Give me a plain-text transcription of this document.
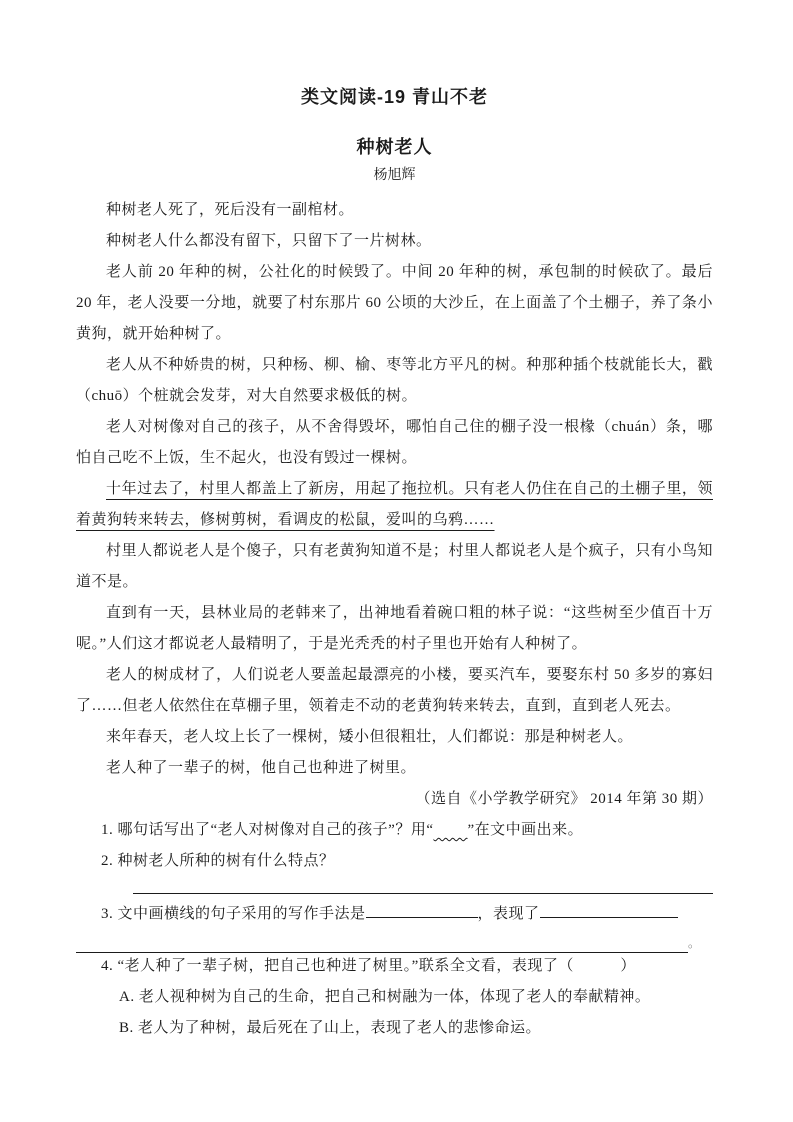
类文阅读-19 青山不老
种树老人
杨旭辉

种树老人死了，死后没有一副棺材。

种树老人什么都没有留下，只留下了一片树林。

老人前 20 年种的树，公社化的时候毁了。中间 20 年种的树，承包制的时候砍了。最后 20 年，老人没要一分地，就要了村东那片 60 公顷的大沙丘，在上面盖了个土棚子，养了条小黄狗，就开始种树了。

老人从不种娇贵的树，只种杨、柳、榆、枣等北方平凡的树。种那种插个枝就能长大，戳（chuō）个桩就会发芽，对大自然要求极低的树。

老人对树像对自己的孩子，从不舍得毁坏，哪怕自己住的棚子没一根椽（chuán）条，哪怕自己吃不上饭，生不起火，也没有毁过一棵树。

十年过去了，村里人都盖上了新房，用起了拖拉机。只有老人仍住在自己的土棚子里，领着黄狗转来转去，修树剪树，看调皮的松鼠，爱叫的乌鸦……

村里人都说老人是个傻子，只有老黄狗知道不是；村里人都说老人是个疯子，只有小鸟知道不是。

直到有一天，县林业局的老韩来了，出神地看着碗口粗的林子说：“这些树至少值百十万呢。”人们这才都说老人最精明了，于是光秃秃的村子里也开始有人种树了。

老人的树成材了，人们说老人要盖起最漂亮的小楼，要买汽车，要娶东村 50 多岁的寡妇了……但老人依然住在草棚子里，领着走不动的老黄狗转来转去，直到，直到老人死去。

来年春天，老人坟上长了一棵树，矮小但很粗壮，人们都说：那是种树老人。

老人种了一辈子的树，他自己也种进了树里。

（选自《小学教学研究》 2014 年第 30 期）

1. 哪句话写出了“老人对树像对自己的孩子”？用“ ”在文中画出来。

2. 种树老人所种的树有什么特点？

3. 文中画横线的句子采用的写作手法是	，表现了

。

4. “老人种了一辈子树，把自己也种进了树里。”联系全文看，表现了（　　　）

A. 老人视种树为自己的生命，把自己和树融为一体，体现了老人的奉献精神。

B. 老人为了种树，最后死在了山上，表现了老人的悲惨命运。
